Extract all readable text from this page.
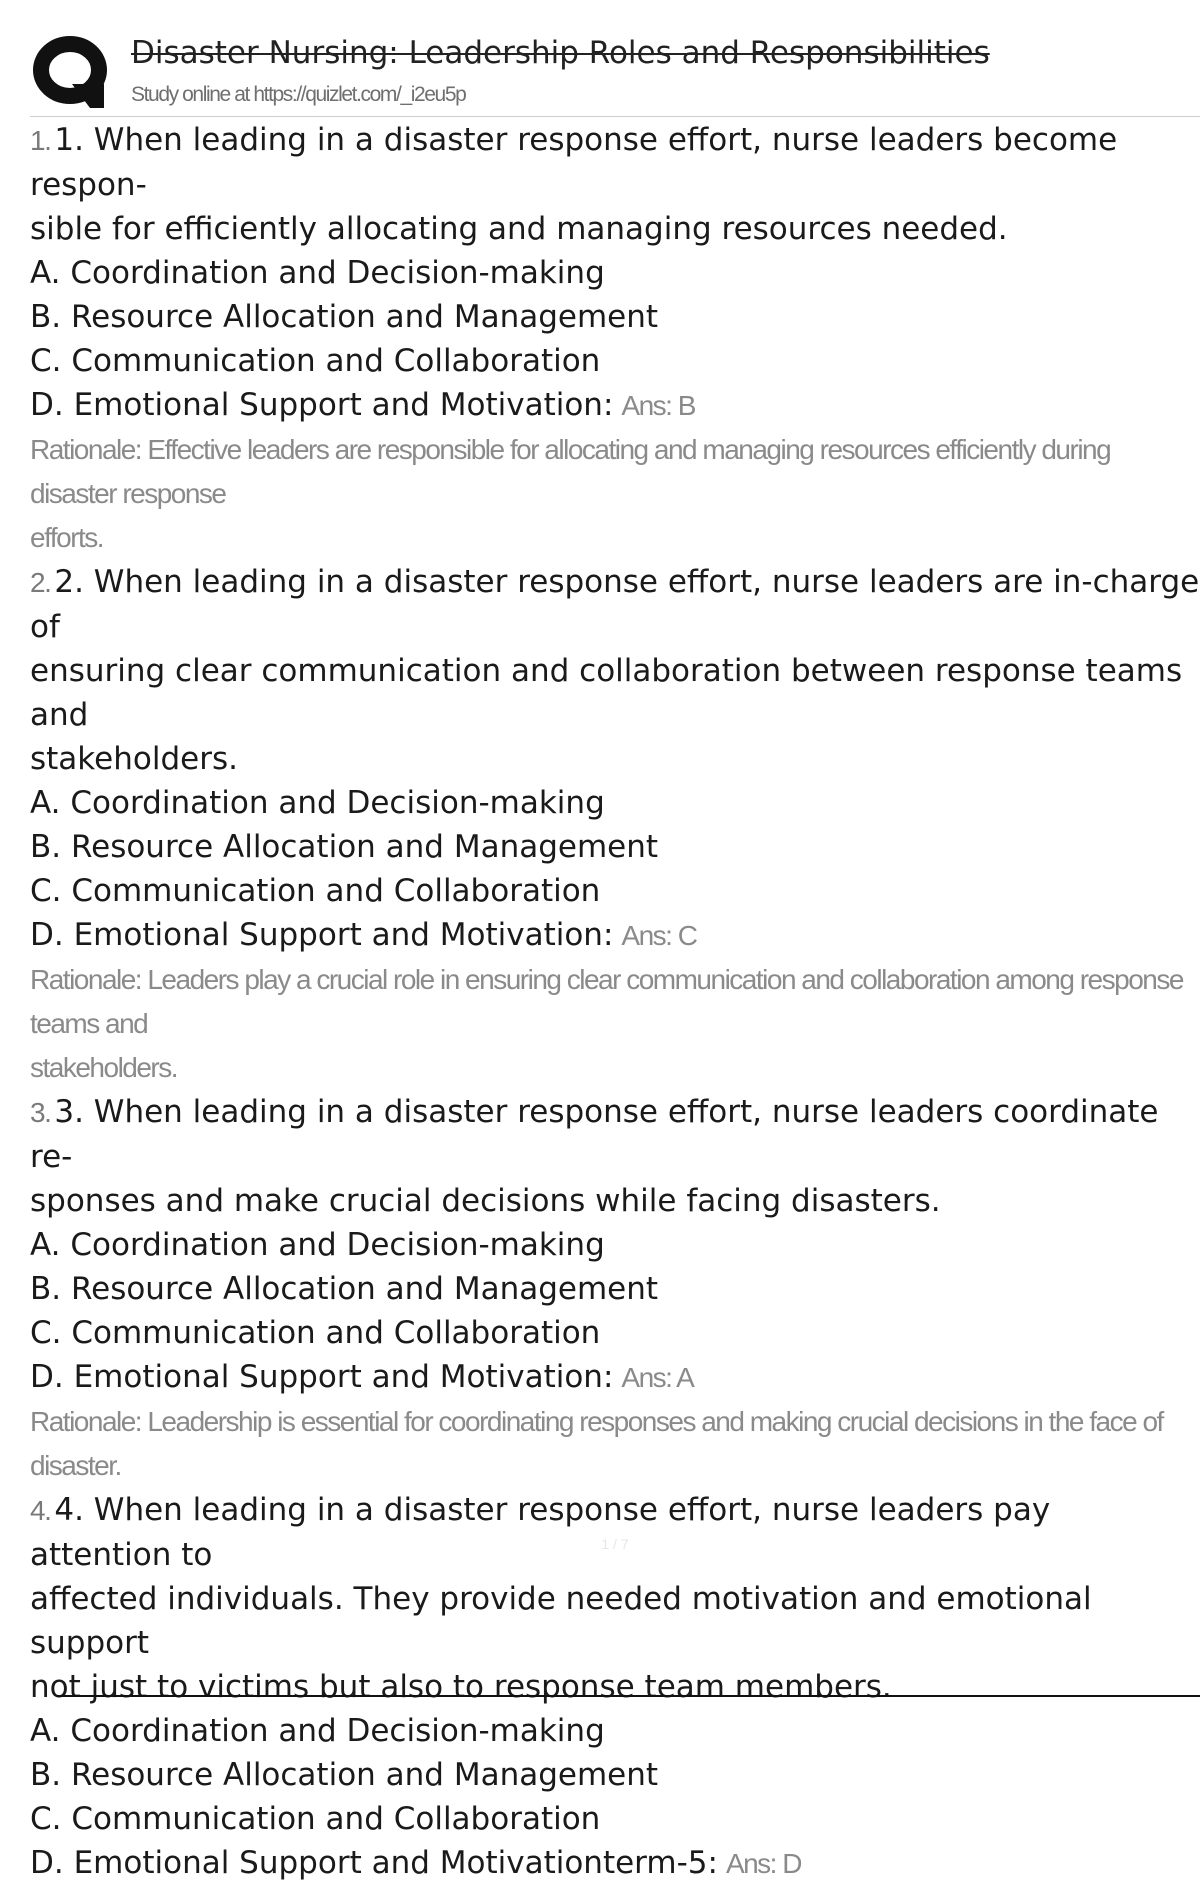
Disaster Nursing: Leadership Roles and Responsibilities
Study online at https://quizlet.com/_i2eu5p

1. 1. When leading in a disaster response effort, nurse leaders become respon-
sible for efficiently allocating and managing resources needed.

A. Coordination and Decision-making

B. Resource Allocation and Management

C. Communication and Collaboration

D. Emotional Support and Motivation: Ans: B

Rationale: Effective leaders are responsible for allocating and managing resources efficiently during disaster response
efforts.

2. 2. When leading in a disaster response effort, nurse leaders are in-charge of
ensuring clear communication and collaboration between response teams and
stakeholders.

A. Coordination and Decision-making

B. Resource Allocation and Management

C. Communication and Collaboration

D. Emotional Support and Motivation: Ans: C

Rationale: Leaders play a crucial role in ensuring clear communication and collaboration among response teams and
stakeholders.

3. 3. When leading in a disaster response effort, nurse leaders coordinate re-
sponses and make crucial decisions while facing disasters.

A. Coordination and Decision-making

B. Resource Allocation and Management

C. Communication and Collaboration

D. Emotional Support and Motivation: Ans: A

Rationale: Leadership is essential for coordinating responses and making crucial decisions in the face of disaster.

4. 4. When leading in a disaster response effort, nurse leaders pay attention to
affected individuals. They provide needed motivation and emotional support
not just to victims but also to response team members.

A. Coordination and Decision-making

B. Resource Allocation and Management

C. Communication and Collaboration

D. Emotional Support and Motivationterm-5: Ans: D

1 / 7
